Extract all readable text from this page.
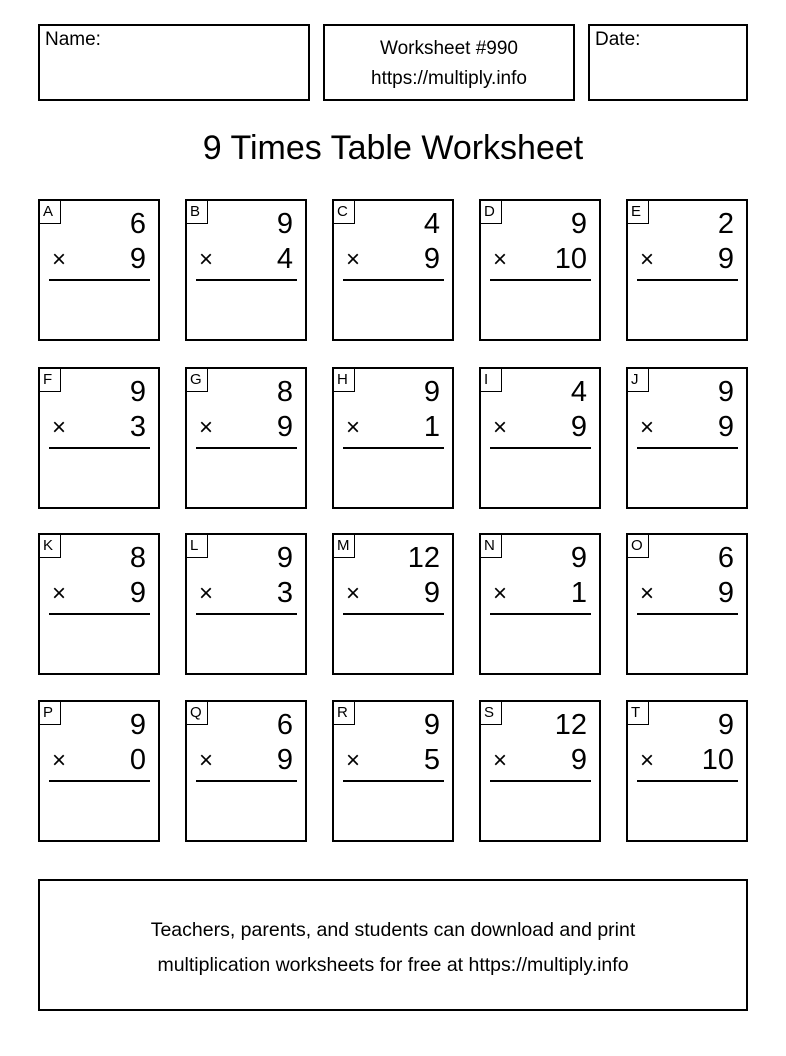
Name:	Worksheet #990
https://multiply.info
Date:
9 Times Table Worksheet
A	6
× 9
B	9
× 4
C	4
× 9
D	9
× 10
E	2
× 9
F	9
× 3
G	8
× 9
H	9
× 1
I	4
× 9
J	9
× 9
K	8
× 9
L	9
× 3
M 12
× 9
N	9
× 1
O	6
× 9
P	9
× 0
Q	6
× 9
R	9
× 5
S 12
× 9
T	9
× 10
Teachers, parents, and students can download and print
multiplication worksheets for free at https://multiply.info
